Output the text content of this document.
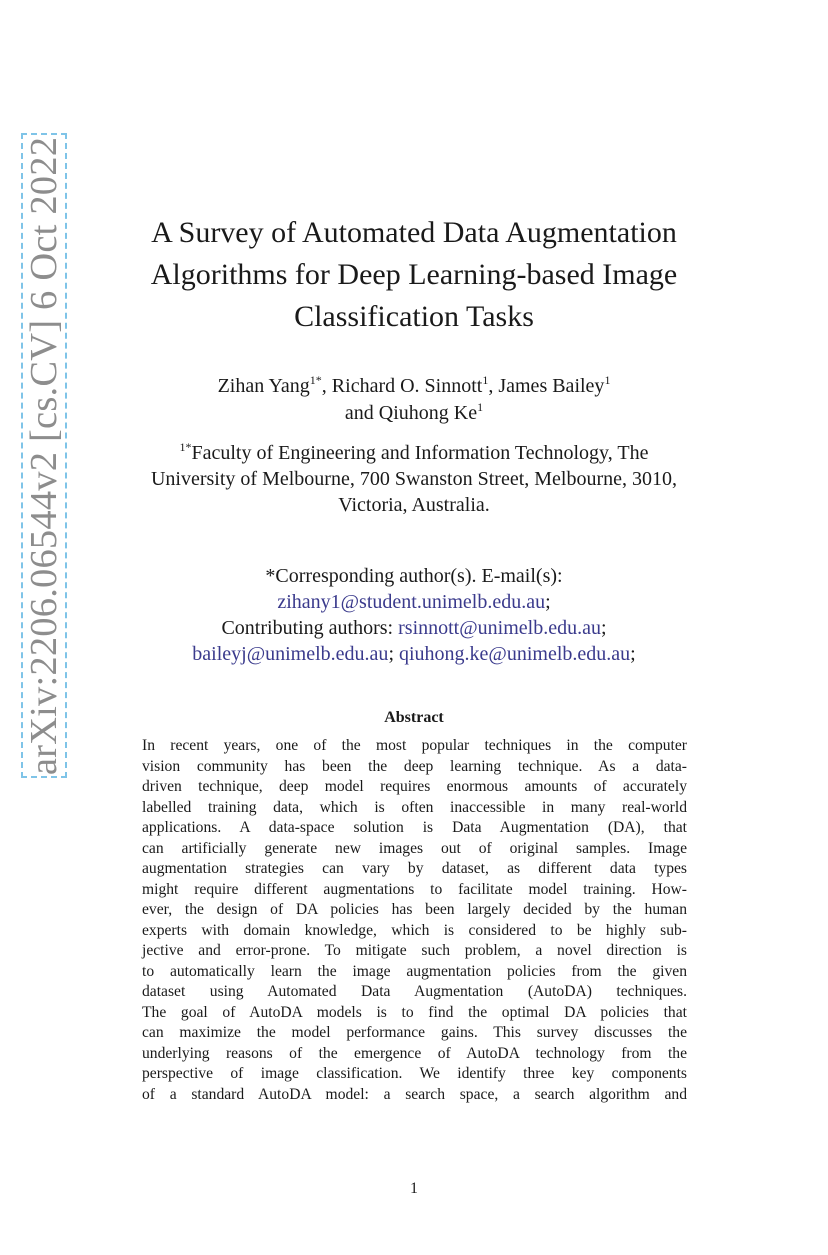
arXiv:2206.06544v2 [cs.CV] 6 Oct 2022	A Survey of Automated Data Augmentation
Algorithms for Deep Learning-based Image
Classification Tasks
Zihan Yang$^{1*}$, Richard O. Sinnott$^1$, James Bailey$^1$
and Qiuhong Ke$^1$
$^{1*}$Faculty of Engineering and Information Technology, The
University of Melbourne, 700 Swanston Street, Melbourne, 3010,
Victoria, Australia.
*Corresponding author(s). E-mail(s):
zihany1@student.unimelb.edu.au;
Contributing authors: rsinnott@unimelb.edu.au;
baileyj@unimelb.edu.au; qiuhong.ke@unimelb.edu.au;
Abstract
In recent years, one of the most popular techniques in the computer
vision community has been the deep learning technique. As a data-
driven technique, deep model requires enormous amounts of accurately
labelled training data, which is often inaccessible in many real-world
applications. A data-space solution is Data Augmentation (DA), that
can artificially generate new images out of original samples. Image
augmentation strategies can vary by dataset, as different data types
might require different augmentations to facilitate model training. How-
ever, the design of DA policies has been largely decided by the human
experts with domain knowledge, which is considered to be highly sub-
jective and error-prone. To mitigate such problem, a novel direction is
to automatically learn the image augmentation policies from the given
dataset using Automated Data Augmentation (AutoDA) techniques.
The goal of AutoDA models is to find the optimal DA policies that
can maximize the model performance gains. This survey discusses the
underlying reasons of the emergence of AutoDA technology from the
perspective of image classification. We identify three key components
of a standard AutoDA model: a search space, a search algorithm and
1
